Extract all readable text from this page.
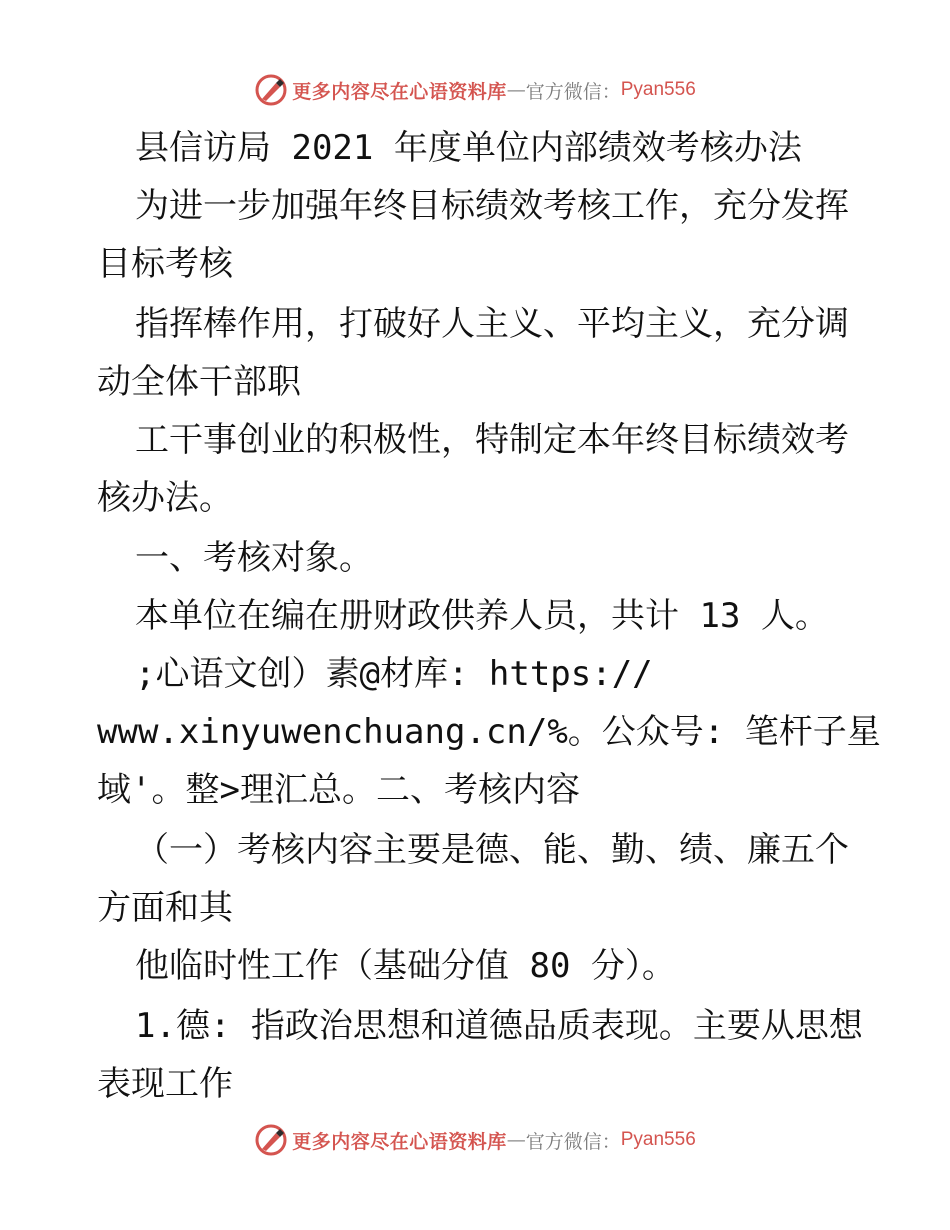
更多内容尽在心语资料库 — 官方微信： Pyan556
县信访局 2021 年度单位内部绩效考核办法
为进一步加强年终目标绩效考核工作，充分发挥
目标考核
指挥棒作用，打破好人主义、平均主义，充分调
动全体干部职
工干事创业的积极性，特制定本年终目标绩效考
核办法。
一、考核对象。
本单位在编在册财政供养人员，共计 13 人。
;心语文创）素@材库: https://
www.xinyuwenchuang.cn/%。公众号: 笔杆子星
域'。整>理汇总。二、考核内容
（一）考核内容主要是德、能、勤、绩、廉五个
方面和其
他临时性工作（基础分值 80 分）。
1.德: 指政治思想和道德品质表现。主要从思想
表现工作
更多内容尽在心语资料库 — 官方微信： Pyan556
